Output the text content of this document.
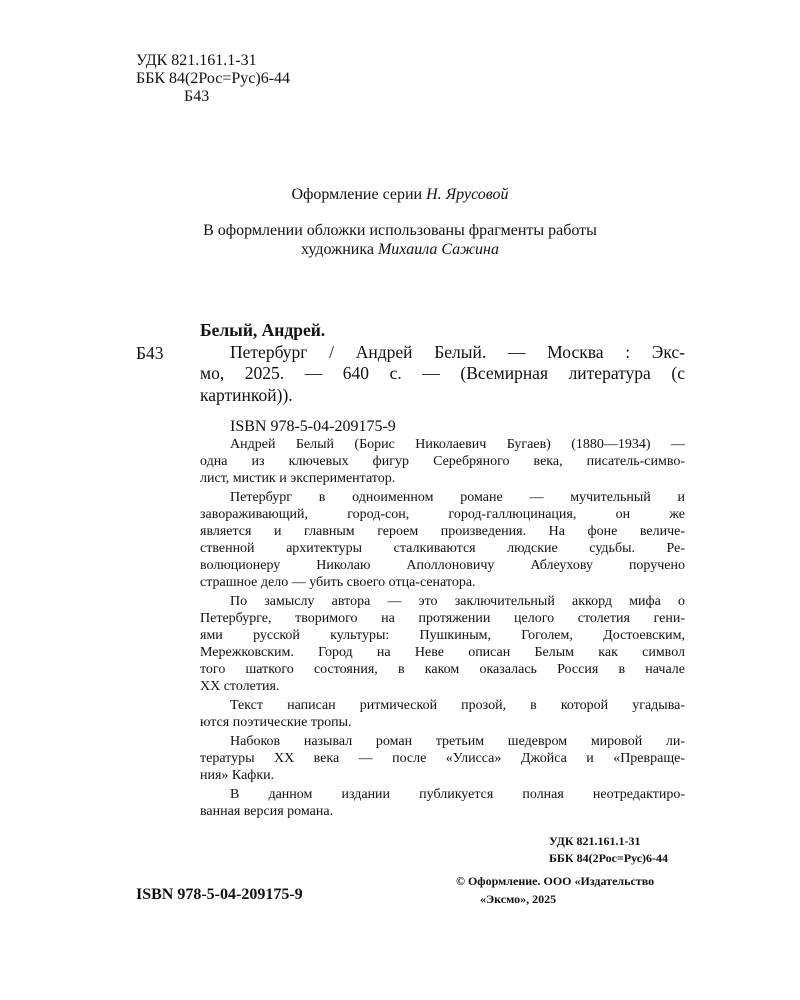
УДК 821.161.1-31
ББК 84(2Рос=Рус)6-44
Б43
Оформление серии Н. Ярусовой
В оформлении обложки использованы фрагменты работы
художника Михаила Сажина
Б43
Белый, Андрей.
Петербург / Андрей Белый. — Москва : Экс-
мо, 2025. — 640 с. — (Всемирная литература (с
картинкой)).
ISBN 978-5-04-209175-9
Андрей Белый (Борис Николаевич Бугаев) (1880—1934) —
одна из ключевых фигур Серебряного века, писатель-симво-
лист, мистик и экспериментатор.
Петербург в одноименном романе — мучительный и
завораживающий, город-сон, город-галлюцинация, он же
является и главным героем произведения. На фоне величе-
ственной архитектуры сталкиваются людские судьбы. Ре-
волюционеру Николаю Аполлоновичу Аблеухову поручено
страшное дело — убить своего отца-сенатора.
По замыслу автора — это заключительный аккорд мифа о
Петербурге, творимого на протяжении целого столетия гени-
ями русской культуры: Пушкиным, Гоголем, Достоевским,
Мережковским. Город на Неве описан Белым как символ
того шаткого состояния, в каком оказалась Россия в начале
XX столетия.
Текст написан ритмической прозой, в которой угадыва-
ются поэтические тропы.
Набоков называл роман третьим шедевром мировой ли-
тературы XX века — после «Улисса» Джойса и «Превраще-
ния» Кафки.
В данном издании публикуется полная неотредактиро-
ванная версия романа.
УДК 821.161.1-31
ББК 84(2Рос=Рус)6-44
ISBN 978-5-04-209175-9
© Оформление. ООО «Издательство
«Эксмо», 2025
